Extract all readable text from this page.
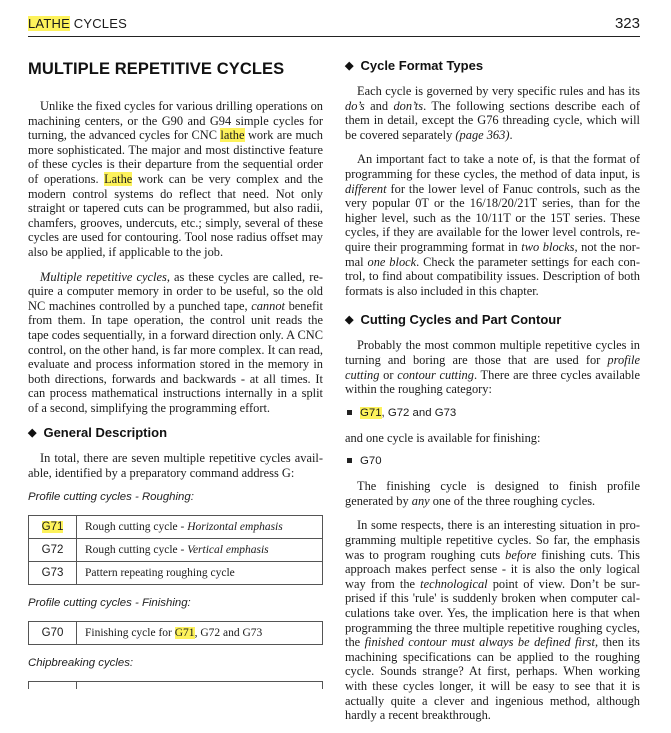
LATHE CYCLES	323
MULTIPLE REPETITIVE CYCLES

Unlike the fixed cycles for various drilling operations on machining centers, or the G90 and G94 simple cycles for turning, the advanced cycles for CNC lathe work are much more sophisticated. The major and most distinctive feature of these cycles is their departure from the sequential order of operations. Lathe work can be very complex and the modern control systems do reflect that need. Not only straight or tapered cuts can be programmed, but also radii, chamfers, grooves, undercuts, etc.; simply, several of these cycles are used for contouring. Tool nose radius offset may also be applied, if applicable to the job.

Multiple repetitive cycles, as these cycles are called, require a computer memory in order to be useful, so the old NC machines controlled by a punched tape, cannot benefit from them. In tape operation, the control unit reads the tape codes sequentially, in a forward direction only. A CNC control, on the other hand, is far more complex. It can read, evaluate and process information stored in the memory in both directions, forwards and backwards - at all times. It can process mathematical instructions internally in a split of a second, simplifying the programming effort.

◆ General Description

In total, there are seven multiple repetitive cycles available, identified by a preparatory command address G:

Profile cutting cycles - Roughing:
G71	Rough cutting cycle - Horizontal emphasis
G72	Rough cutting cycle - Vertical emphasis
G73	Pattern repeating roughing cycle
Profile cutting cycles - Finishing:
G70	Finishing cycle for G71, G72 and G73
Chipbreaking cycles:

◆ Cycle Format Types

Each cycle is governed by very specific rules and has its do’s and don’ts. The following sections describe each of them in detail, except the G76 threading cycle, which will be covered separately (page 363).

An important fact to take a note of, is that the format of programming for these cycles, the method of data input, is different for the lower level of Fanuc controls, such as the very popular 0T or the 16/18/20/21T series, than for the higher level, such as the 10/11T or the 15T series. These cycles, if they are available for the lower level controls, require their programming format in two blocks, not the normal one block. Check the parameter settings for each control, to find about compatibility issues. Description of both formats is also included in this chapter.

◆ Cutting Cycles and Part Contour

Probably the most common multiple repetitive cycles in turning and boring are those that are used for profile cutting or contour cutting. There are three cycles available within the roughing category:

G71, G72 and G73

and one cycle is available for finishing:

G70

The finishing cycle is designed to finish profile generated by any one of the three roughing cycles.

In some respects, there is an interesting situation in programming multiple repetitive cycles. So far, the emphasis was to program roughing cuts before finishing cuts. This approach makes perfect sense - it is also the only logical way from the technological point of view. Don’t be surprised if this 'rule' is suddenly broken when computer calculations take over. Yes, the implication here is that when programming the three multiple repetitive roughing cycles, the finished contour must always be defined first, then its machining specifications can be applied to the roughing cycle. Sounds strange? At first, perhaps. When working with these cycles longer, it will be easy to see that it is actually quite a clever and ingenious method, although hardly a recent breakthrough.
